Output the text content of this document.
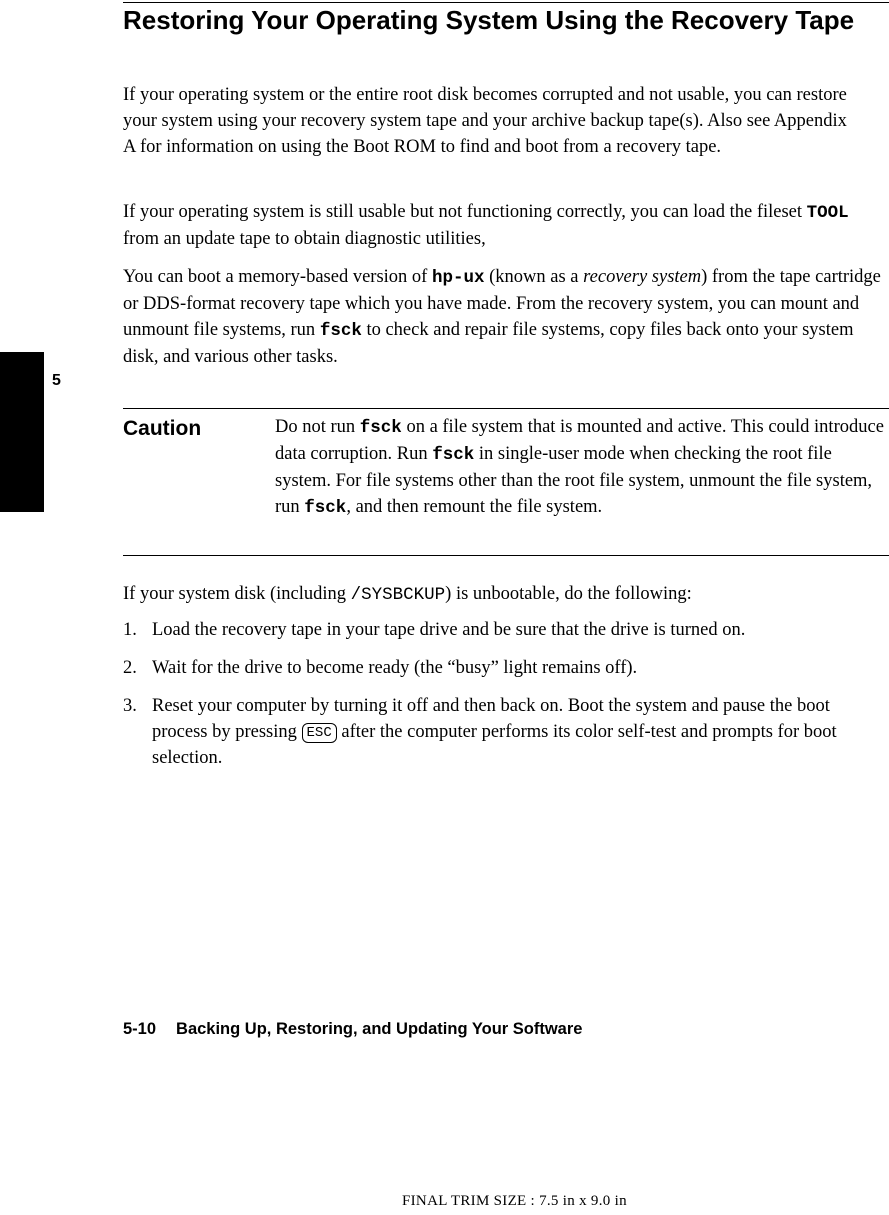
5
Restoring Your Operating System Using the Recovery Tape

If your operating system or the entire root disk becomes corrupted and not usable, you can restore your system using your recovery system tape and your archive backup tape(s). Also see Appendix A for information on using the Boot ROM to find and boot from a recovery tape.

If your operating system is still usable but not functioning correctly, you can load the fileset TOOL from an update tape to obtain diagnostic utilities,

You can boot a memory-based version of hp-ux (known as a recovery system) from the tape cartridge or DDS-format recovery tape which you have made. From the recovery system, you can mount and unmount file systems, run fsck to check and repair file systems, copy files back onto your system disk, and various other tasks.

Caution	Do not run fsck on a file system that is mounted and active. This could introduce data corruption. Run fsck in single-user mode when checking the root file system. For file systems other than the root file system, unmount the file system, run fsck, and then remount the file system.

If your system disk (including /SYSBCKUP) is unbootable, do the following:

1. Load the recovery tape in your tape drive and be sure that the drive is turned on.
2. Wait for the drive to become ready (the “busy” light remains off).
3. Reset your computer by turning it off and then back on. Boot the system and pause the boot process by pressing ESC after the computer performs its color self-test and prompts for boot selection.
5-10 Backing Up, Restoring, and Updating Your Software
FINAL TRIM SIZE : 7.5 in x 9.0 in
